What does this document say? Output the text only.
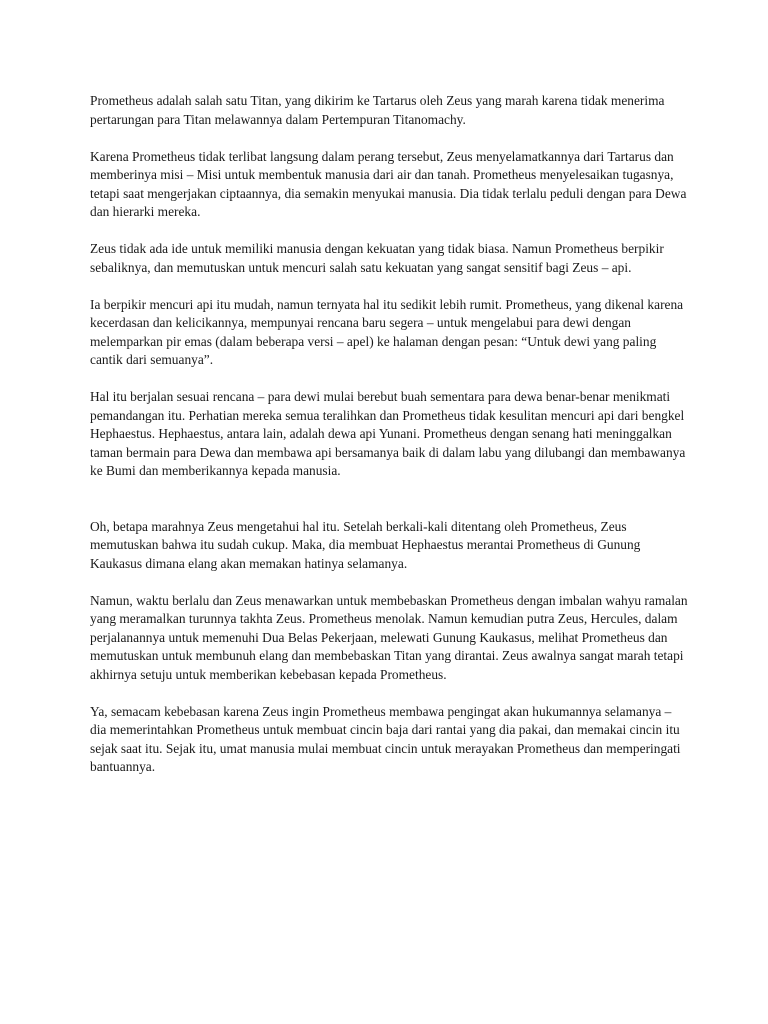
Prometheus adalah salah satu Titan, yang dikirim ke Tartarus oleh Zeus yang marah karena tidak menerima pertarungan para Titan melawannya dalam Pertempuran Titanomachy.

Karena Prometheus tidak terlibat langsung dalam perang tersebut, Zeus menyelamatkannya dari Tartarus dan memberinya misi – Misi untuk membentuk manusia dari air dan tanah. Prometheus menyelesaikan tugasnya, tetapi saat mengerjakan ciptaannya, dia semakin menyukai manusia. Dia tidak terlalu peduli dengan para Dewa dan hierarki mereka.

Zeus tidak ada ide untuk memiliki manusia dengan kekuatan yang tidak biasa. Namun Prometheus berpikir sebaliknya, dan memutuskan untuk mencuri salah satu kekuatan yang sangat sensitif bagi Zeus – api.

Ia berpikir mencuri api itu mudah, namun ternyata hal itu sedikit lebih rumit. Prometheus, yang dikenal karena kecerdasan dan kelicikannya, mempunyai rencana baru segera – untuk mengelabui para dewi dengan melemparkan pir emas (dalam beberapa versi – apel) ke halaman dengan pesan: “Untuk dewi yang paling cantik dari semuanya”.

Hal itu berjalan sesuai rencana – para dewi mulai berebut buah sementara para dewa benar-benar menikmati pemandangan itu. Perhatian mereka semua teralihkan dan Prometheus tidak kesulitan mencuri api dari bengkel Hephaestus. Hephaestus, antara lain, adalah dewa api Yunani. Prometheus dengan senang hati meninggalkan taman bermain para Dewa dan membawa api bersamanya baik di dalam labu yang dilubangi dan membawanya ke Bumi dan memberikannya kepada manusia.

Oh, betapa marahnya Zeus mengetahui hal itu. Setelah berkali-kali ditentang oleh Prometheus, Zeus memutuskan bahwa itu sudah cukup. Maka, dia membuat Hephaestus merantai Prometheus di Gunung Kaukasus dimana elang akan memakan hatinya selamanya.

Namun, waktu berlalu dan Zeus menawarkan untuk membebaskan Prometheus dengan imbalan wahyu ramalan yang meramalkan turunnya takhta Zeus. Prometheus menolak. Namun kemudian putra Zeus, Hercules, dalam perjalanannya untuk memenuhi Dua Belas Pekerjaan, melewati Gunung Kaukasus, melihat Prometheus dan memutuskan untuk membunuh elang dan membebaskan Titan yang dirantai. Zeus awalnya sangat marah tetapi akhirnya setuju untuk memberikan kebebasan kepada Prometheus.

Ya, semacam kebebasan karena Zeus ingin Prometheus membawa pengingat akan hukumannya selamanya – dia memerintahkan Prometheus untuk membuat cincin baja dari rantai yang dia pakai, dan memakai cincin itu sejak saat itu. Sejak itu, umat manusia mulai membuat cincin untuk merayakan Prometheus dan memperingati bantuannya.
